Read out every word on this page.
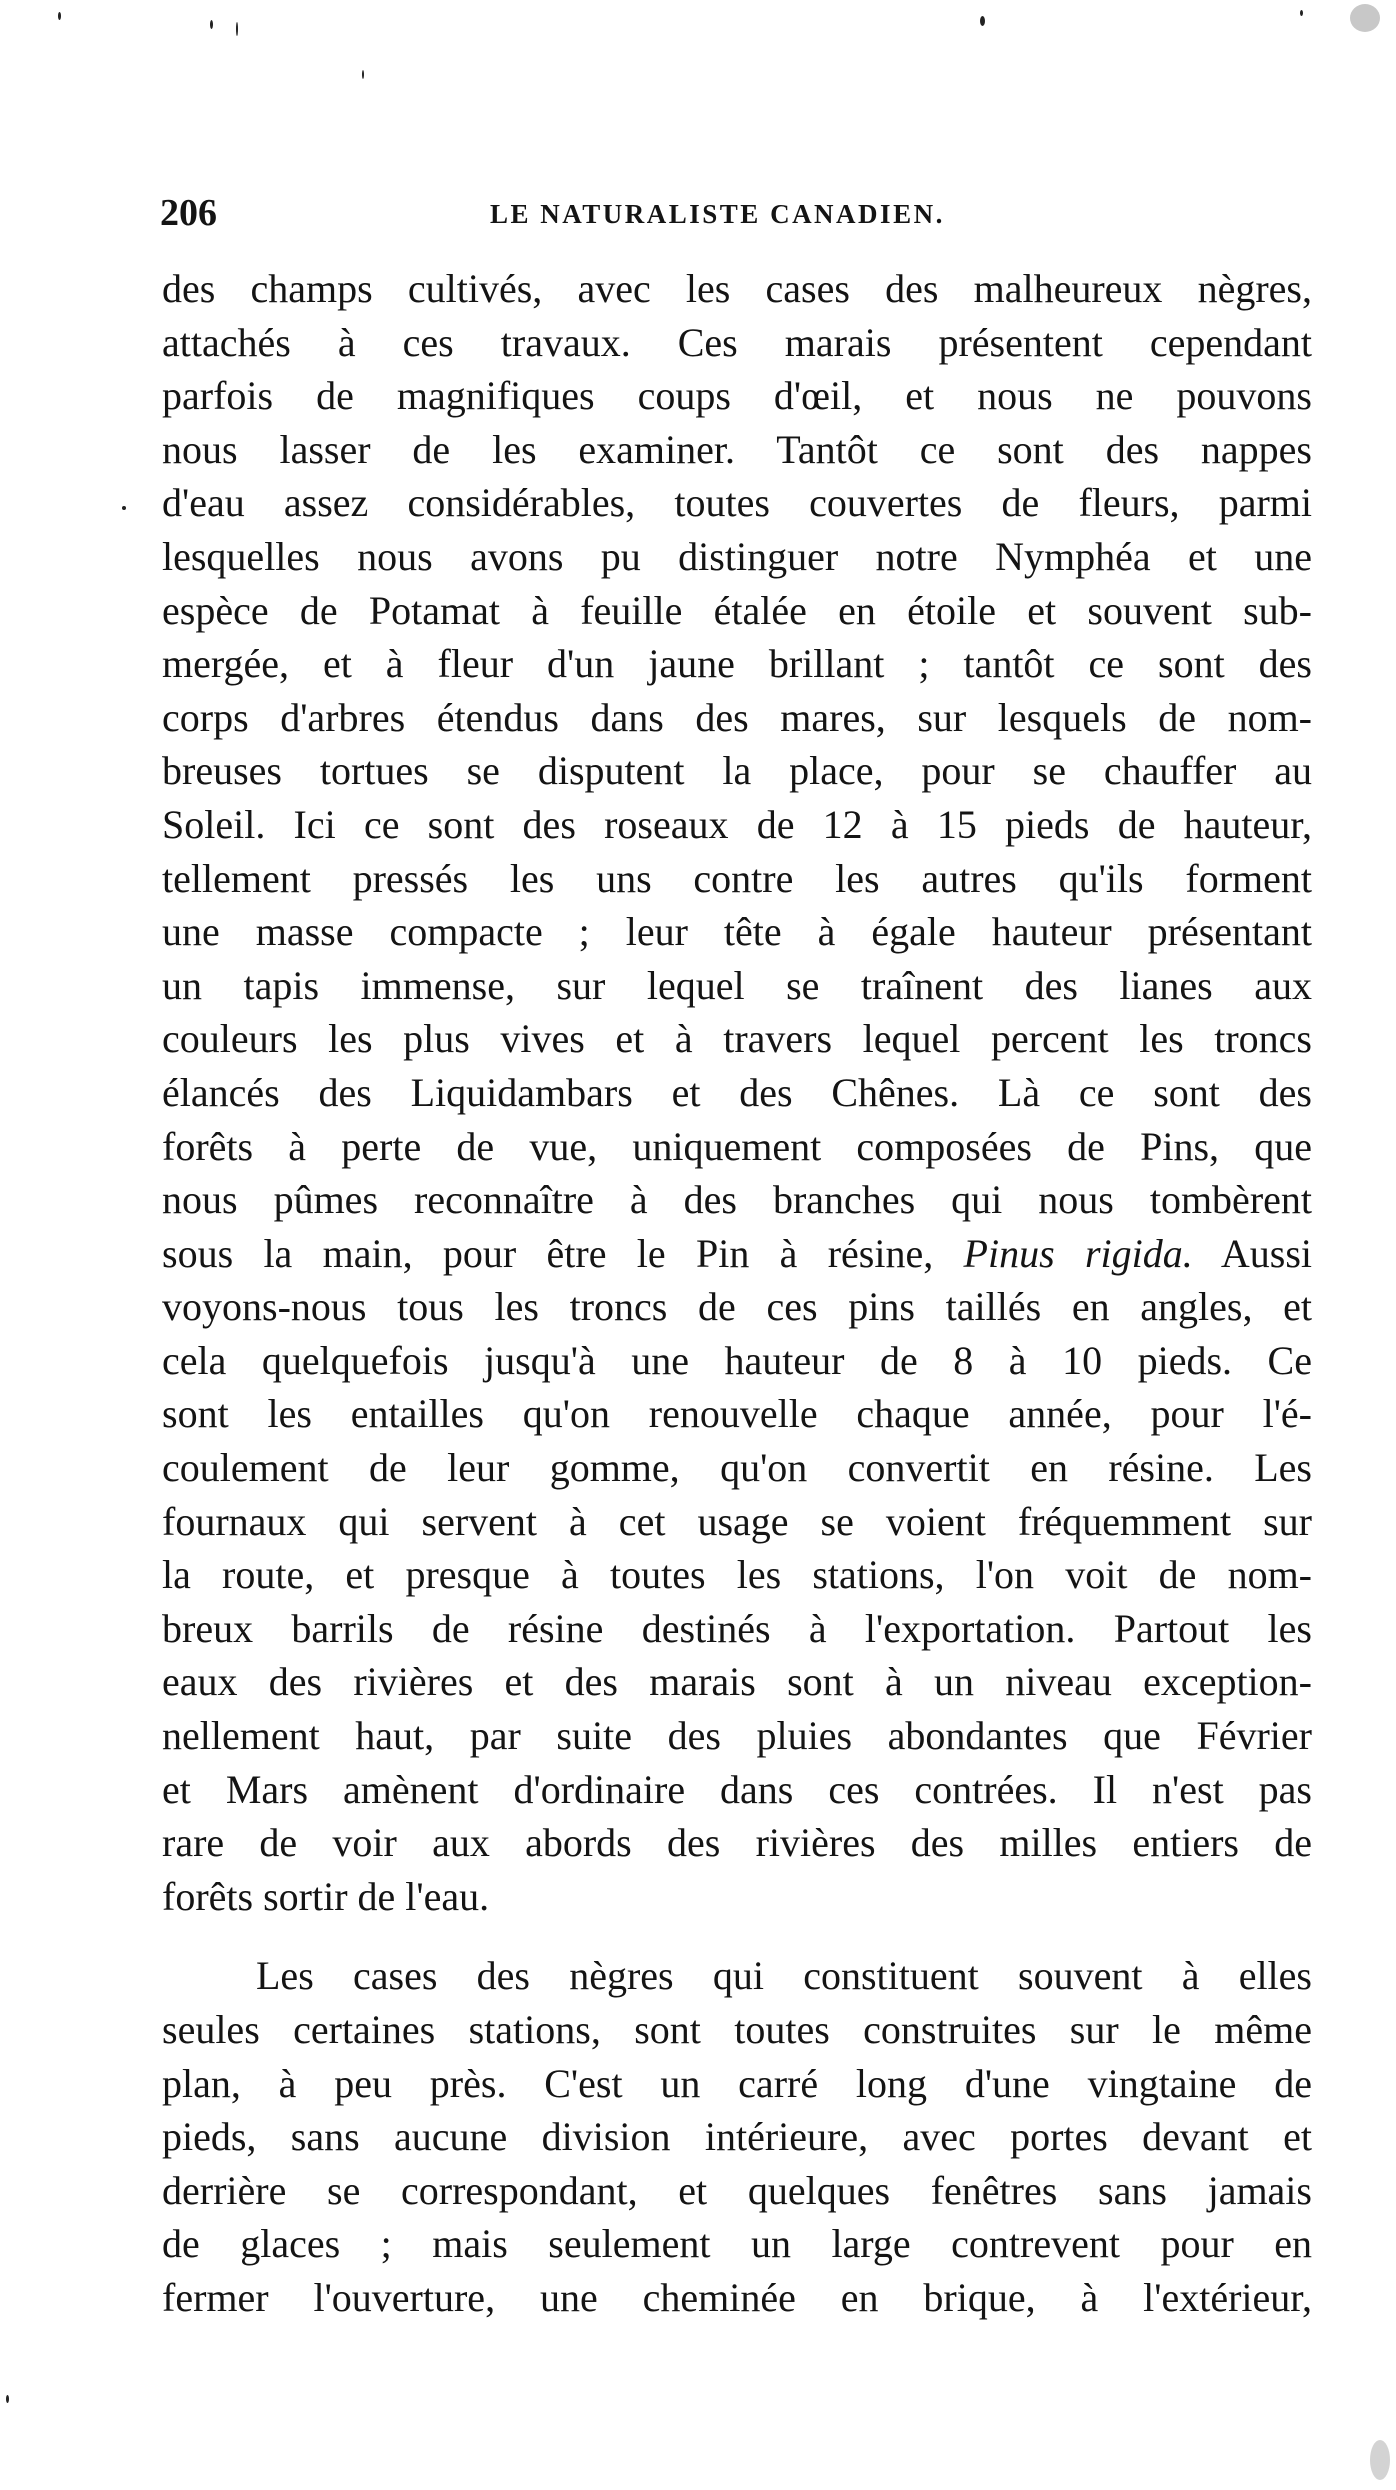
206	LE NATURALISTE CANADIEN.
des champs cultivés, avec les cases des malheureux nègres,
attachés à ces travaux. Ces marais présentent cependant
parfois de magnifiques coups d'œil, et nous ne pouvons
nous lasser de les examiner. Tantôt ce sont des nappes
d'eau assez considérables, toutes couvertes de fleurs, parmi
lesquelles nous avons pu distinguer notre Nymphéa et une
espèce de Potamat à feuille étalée en étoile et souvent sub-
mergée, et à fleur d'un jaune brillant ; tantôt ce sont des
corps d'arbres étendus dans des mares, sur lesquels de nom-
breuses tortues se disputent la place, pour se chauffer au
Soleil. Ici ce sont des roseaux de 12 à 15 pieds de hauteur,
tellement pressés les uns contre les autres qu'ils forment
une masse compacte ; leur tête à égale hauteur présentant
un tapis immense, sur lequel se traînent des lianes aux
couleurs les plus vives et à travers lequel percent les troncs
élancés des Liquidambars et des Chênes. Là ce sont des
forêts à perte de vue, uniquement composées de Pins, que
nous pûmes reconnaître à des branches qui nous tombèrent
sous la main, pour être le Pin à résine, Pinus rigida. Aussi
voyons-nous tous les troncs de ces pins taillés en angles, et
cela quelquefois jusqu'à une hauteur de 8 à 10 pieds. Ce
sont les entailles qu'on renouvelle chaque année, pour l'é-
coulement de leur gomme, qu'on convertit en résine. Les
fournaux qui servent à cet usage se voient fréquemment sur
la route, et presque à toutes les stations, l'on voit de nom-
breux barrils de résine destinés à l'exportation. Partout les
eaux des rivières et des marais sont à un niveau exception-
nellement haut, par suite des pluies abondantes que Février
et Mars amènent d'ordinaire dans ces contrées. Il n'est pas
rare de voir aux abords des rivières des milles entiers de
forêts sortir de l'eau.
Les cases des nègres qui constituent souvent à elles
seules certaines stations, sont toutes construites sur le même
plan, à peu près. C'est un carré long d'une vingtaine de
pieds, sans aucune division intérieure, avec portes devant et
derrière se correspondant, et quelques fenêtres sans jamais
de glaces ; mais seulement un large contrevent pour en
fermer l'ouverture, une cheminée en brique, à l'extérieur,
